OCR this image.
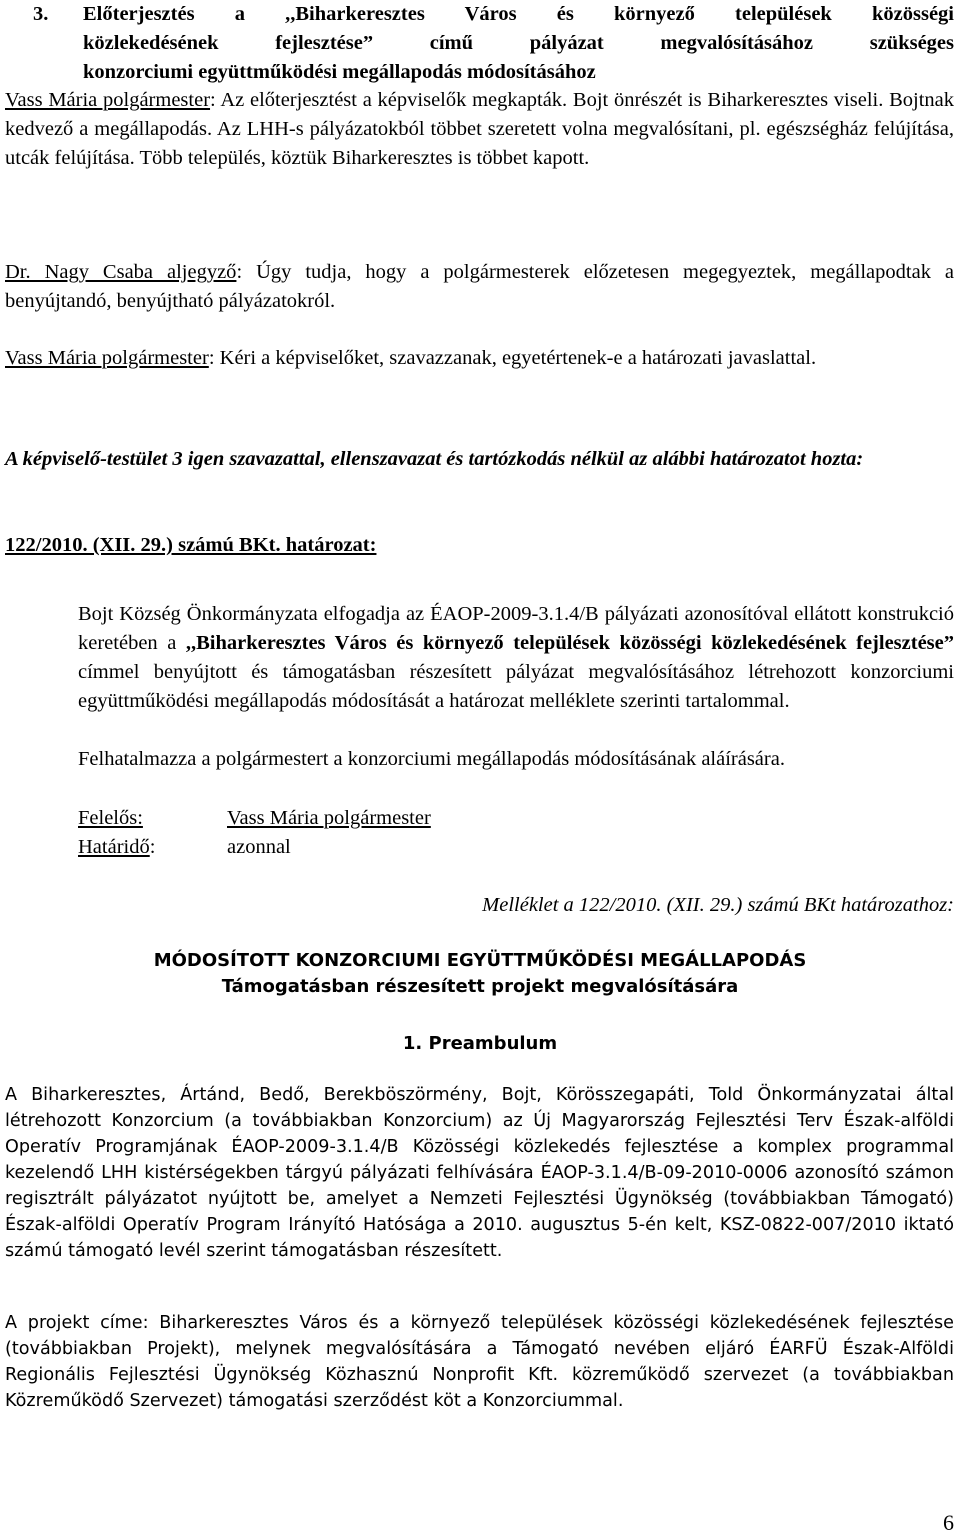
3. Előterjesztés a ,,Biharkeresztes Város és környező települések közösségi
közlekedésének fejlesztése” című pályázat megvalósításához szükséges
konzorciumi együttműködési megállapodás módosításához
Vass Mária polgármester: Az előterjesztést a képviselők megkapták. Bojt önrészét is Biharkeresztes viseli. Bojtnak kedvező a megállapodás. Az LHH-s pályázatokból többet szeretett volna megvalósítani, pl. egészségház felújítása, utcák felújítása. Több település, köztük Biharkeresztes is többet kapott.
Dr. Nagy Csaba aljegyző: Úgy tudja, hogy a polgármesterek előzetesen megegyeztek, megállapodtak a benyújtandó, benyújtható pályázatokról.
Vass Mária polgármester: Kéri a képviselőket, szavazzanak, egyetértenek-e a határozati javaslattal.
A képviselő-testület 3 igen szavazattal, ellenszavazat és tartózkodás nélkül az alábbi határozatot hozta:
122/2010. (XII. 29.) számú BKt. határozat:
Bojt Község Önkormányzata elfogadja az ÉAOP-2009-3.1.4/B pályázati azonosítóval ellátott konstrukció keretében a ,,Biharkeresztes Város és környező települések közösségi közlekedésének fejlesztése” címmel benyújtott és támogatásban részesített pályázat megvalósításához létrehozott konzorciumi együttműködési megállapodás módosítását a határozat melléklete szerinti tartalommal.
Felhatalmazza a polgármestert a konzorciumi megállapodás módosításának aláírására.
Felelős:	Vass Mária polgármester
Határidő:	azonnal
Melléklet a 122/2010. (XII. 29.) számú BKt határozathoz:
MÓDOSÍTOTT KONZORCIUMI EGYÜTTMŰKÖDÉSI MEGÁLLAPODÁS
Támogatásban részesített projekt megvalósítására
1. Preambulum
A Biharkeresztes, Ártánd, Bedő, Berekböszörmény, Bojt, Körösszegapáti, Told Önkormányzatai által létrehozott Konzorcium (a továbbiakban Konzorcium) az Új Magyarország Fejlesztési Terv Észak-alföldi Operatív Programjának ÉAOP-2009-3.1.4/B Közösségi közlekedés fejlesztése a komplex programmal kezelendő LHH kistérségekben tárgyú pályázati felhívására ÉAOP-3.1.4/B-09-2010-0006 azonosító számon regisztrált pályázatot nyújtott be, amelyet a Nemzeti Fejlesztési Ügynökség (továbbiakban Támogató) Észak-alföldi Operatív Program Irányító Hatósága a 2010. augusztus 5-én kelt, KSZ-0822-007/2010 iktató számú támogató levél szerint támogatásban részesített.
A projekt címe: Biharkeresztes Város és a környező települések közösségi közlekedésének fejlesztése (továbbiakban Projekt), melynek megvalósítására a Támogató nevében eljáró ÉARFÜ Észak-Alföldi Regionális Fejlesztési Ügynökség Közhasznú Nonprofit Kft. közreműködő szervezet (a továbbiakban Közreműködő Szervezet) támogatási szerződést köt a Konzorciummal.
6
